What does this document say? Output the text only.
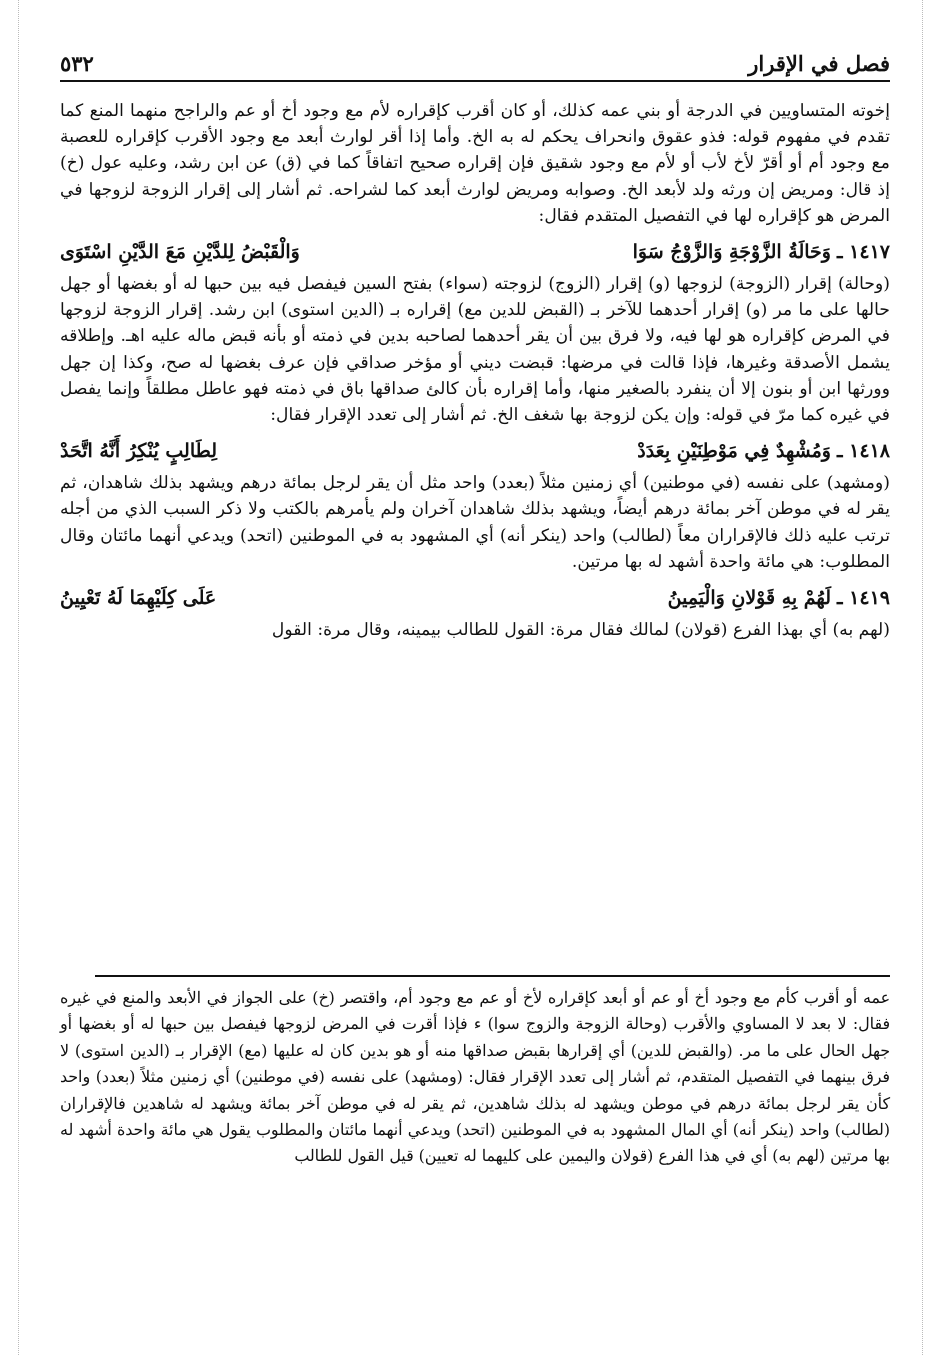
فصل في الإقرار
٥٣٢

إخوته المتساويين في الدرجة أو بني عمه كذلك، أو كان أقرب كإقراره لأم مع وجود أخ أو عم والراجح منهما المنع كما تقدم في مفهوم قوله: فذو عقوق وانحراف يحكم له به الخ. وأما إذا أقر لوارث أبعد مع وجود الأقرب كإقراره للعصبة مع وجود أم أو أقرّ لأخ لأب أو لأم مع وجود شقيق فإن إقراره صحيح اتفاقاً كما في (ق) عن ابن رشد، وعليه عول (خ) إذ قال: ومريض إن ورثه ولد لأبعد الخ. وصوابه ومريض لوارث أبعد كما لشراحه. ثم أشار إلى إقرار الزوجة لزوجها في المرض هو كإقراره لها في التفصيل المتقدم فقال:

١٤١٧ ـوَحَالَةُ الزَّوْجَةِ وَالزَّوْجُ سَوَا
وَالْقَبْضُ لِلدَّيْنِ مَعَ الدَّيْنِ اسْتَوَى

(وحالة) إقرار (الزوجة) لزوجها (و) إقرار (الزوج) لزوجته (سواء) بفتح السين فيفصل فيه بين حبها له أو بغضها أو جهل حالها على ما مر (و) إقرار أحدهما للآخر بـ (القبض للدين مع) إقراره بـ (الدين استوى) ابن رشد. إقرار الزوجة لزوجها في المرض كإقراره هو لها فيه، ولا فرق بين أن يقر أحدهما لصاحبه بدين في ذمته أو بأنه قبض ماله عليه اهـ. وإطلاقه يشمل الأصدقة وغيرها، فإذا قالت في مرضها: قبضت ديني أو مؤخر صداقي فإن عرف بغضها له صح، وكذا إن جهل وورثها ابن أو بنون إلا أن ينفرد بالصغير منها، وأما إقراره بأن كالئ صداقها باق في ذمته فهو عاطل مطلقاً وإنما يفصل في غيره كما مرّ في قوله: وإن يكن لزوجة بها شغف الخ. ثم أشار إلى تعدد الإقرار فقال:

١٤١٨ ـوَمُشْهِدٌ فِي مَوْطِنَيْنِ بِعَدَدْ
لِطَالِبٍ يُنْكِرُ أَنَّهُ اتَّحَدْ

(ومشهد) على نفسه (في موطنين) أي زمنين مثلاً (بعدد) واحد مثل أن يقر لرجل بمائة درهم ويشهد بذلك شاهدان، ثم يقر له في موطن آخر بمائة درهم أيضاً، ويشهد بذلك شاهدان آخران ولم يأمرهم بالكتب ولا ذكر السبب الذي من أجله ترتب عليه ذلك فالإقراران معاً (لطالب) واحد (ينكر أنه) أي المشهود به في الموطنين (اتحد) ويدعي أنهما مائتان وقال المطلوب: هي مائة واحدة أشهد له بها مرتين.

١٤١٩ ـلَهُمْ بِهِ قَوْلانِ وَالْيَمِينُ
عَلَى كِلَيْهِمَا لَهُ تَعْيِينُ

(لهم به) أي بهذا الفرع (قولان) لمالك فقال مرة: القول للطالب بيمينه، وقال مرة: القول

عمه أو أقرب كأم مع وجود أخ أو عم أو أبعد كإقراره لأخ أو عم مع وجود أم، واقتصر (خ) على الجواز في الأبعد والمنع في غيره فقال: لا بعد لا المساوي والأقرب (وحالة الزوجة والزوج سوا) ء فإذا أقرت في المرض لزوجها فيفصل بين حبها له أو بغضها أو جهل الحال على ما مر. (والقبض للدين) أي إقرارها بقبض صداقها منه أو هو بدين كان له عليها (مع) الإقرار بـ (الدين استوى) لا فرق بينهما في التفصيل المتقدم، ثم أشار إلى تعدد الإقرار فقال: (ومشهد) على نفسه (في موطنين) أي زمنين مثلاً (بعدد) واحد كأن يقر لرجل بمائة درهم في موطن ويشهد له بذلك شاهدين، ثم يقر له في موطن آخر بمائة ويشهد له شاهدين فالإقراران (لطالب) واحد (ينكر أنه) أي المال المشهود به في الموطنين (اتحد) ويدعي أنهما مائتان والمطلوب يقول هي مائة واحدة أشهد له بها مرتين (لهم به) أي في هذا الفرع (قولان واليمين على كليهما له تعيين) قيل القول للطالب
